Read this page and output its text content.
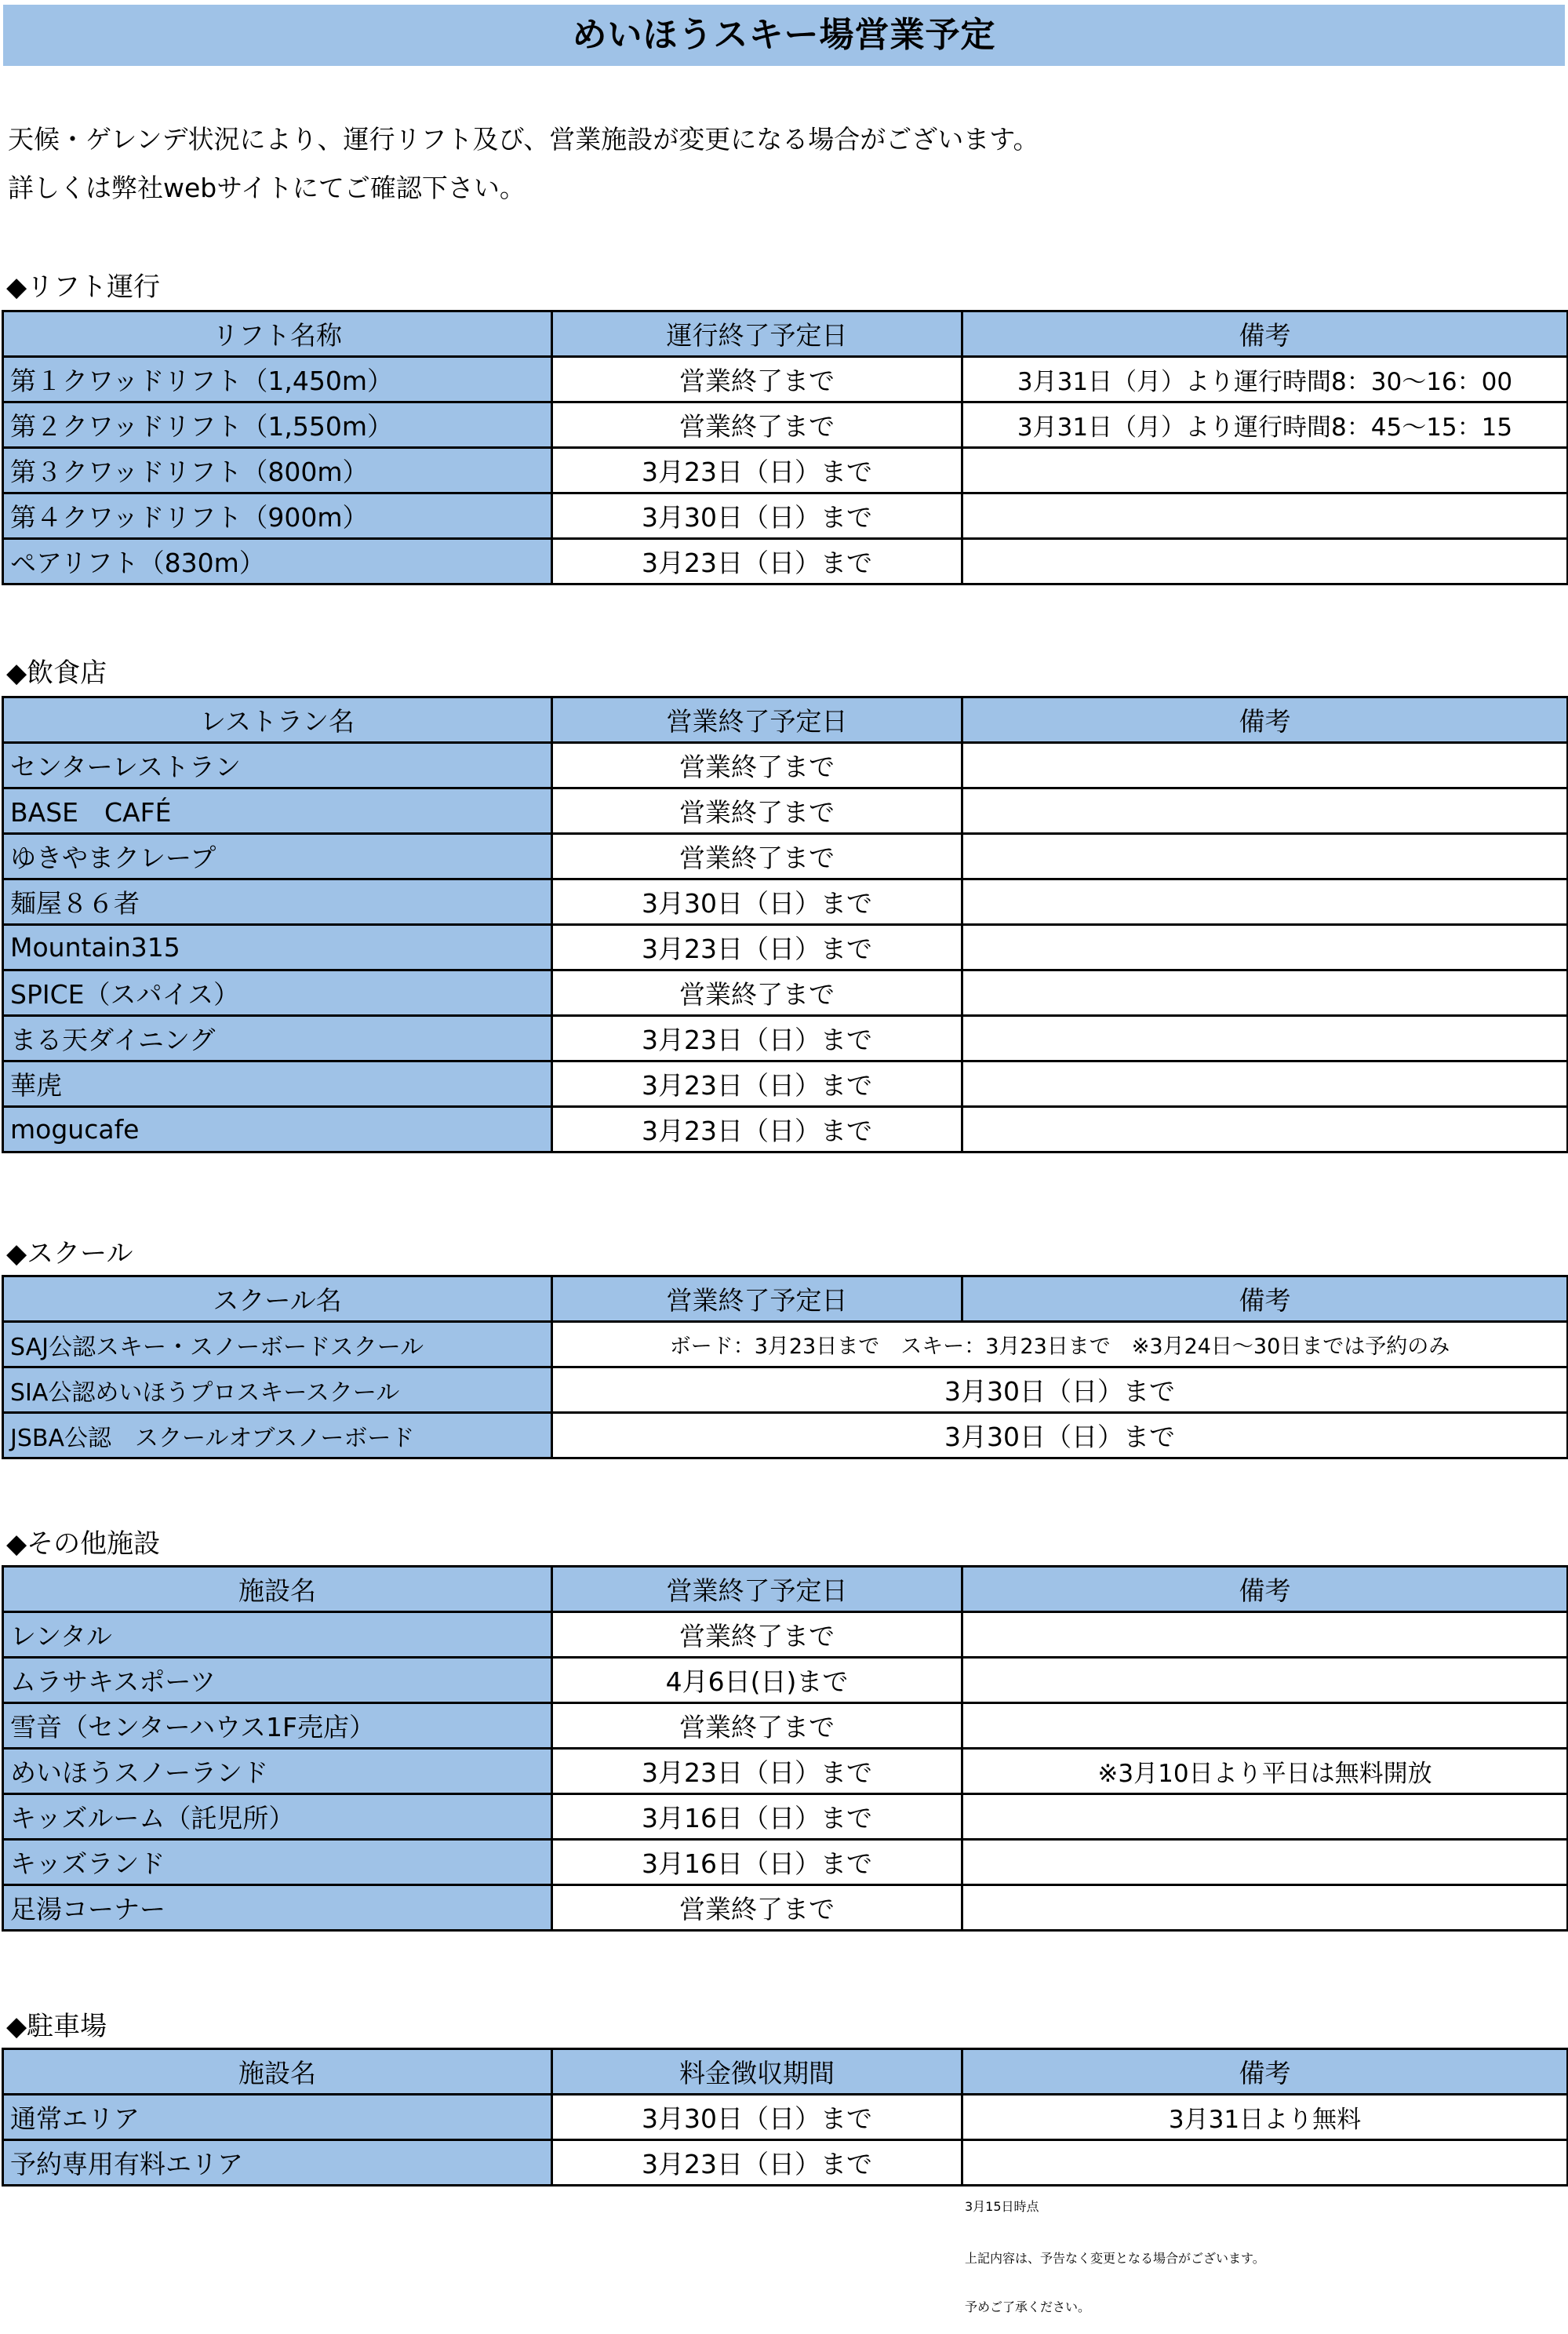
めいほうスキー場営業予定
天候・ゲレンデ状況により、運行リフト及び、営業施設が変更になる場合がございます。
詳しくは弊社webサイトにてご確認下さい。
◆リフト運行
リフト名称	運行終了予定日	備考
第１クワッドリフト（1,450m）	営業終了まで	3月31日（月）より運行時間8：30～16：00
第２クワッドリフト（1,550m）	営業終了まで	3月31日（月）より運行時間8：45～15：15
第３クワッドリフト（800m）	3月23日（日）まで	
第４クワッドリフト（900m）	3月30日（日）まで	
ペアリフト（830m）	3月23日（日）まで	
◆飲食店
レストラン名	営業終了予定日	備考
センターレストラン	営業終了まで	
BASE　CAFÉ	営業終了まで	
ゆきやまクレープ	営業終了まで	
麺屋８６者	3月30日（日）まで	
Mountain315	3月23日（日）まで	
SPICE（スパイス）	営業終了まで	
まる天ダイニング	3月23日（日）まで	
華虎	3月23日（日）まで	
mogucafe	3月23日（日）まで	
◆スクール
スクール名	営業終了予定日	備考
SAJ公認スキー・スノーボードスクール	ボード：3月23日まで　スキー：3月23日まで　※3月24日～30日までは予約のみ	
SIA公認めいほうプロスキースクール	3月30日（日）まで	
JSBA公認　スクールオブスノーボード	3月30日（日）まで	
◆その他施設
施設名	営業終了予定日	備考
レンタル	営業終了まで	
ムラサキスポーツ	4月6日(日)まで	
雪音（センターハウス1F売店）	営業終了まで	
めいほうスノーランド	3月23日（日）まで	※3月10日より平日は無料開放
キッズルーム（託児所）	3月16日（日）まで	
キッズランド	3月16日（日）まで	
足湯コーナー	営業終了まで	
◆駐車場
施設名	料金徴収期間	備考
通常エリア	3月30日（日）まで	3月31日より無料
予約専用有料エリア	3月23日（日）まで	
3月15日時点
上記内容は、予告なく変更となる場合がございます。
予めご了承ください。
